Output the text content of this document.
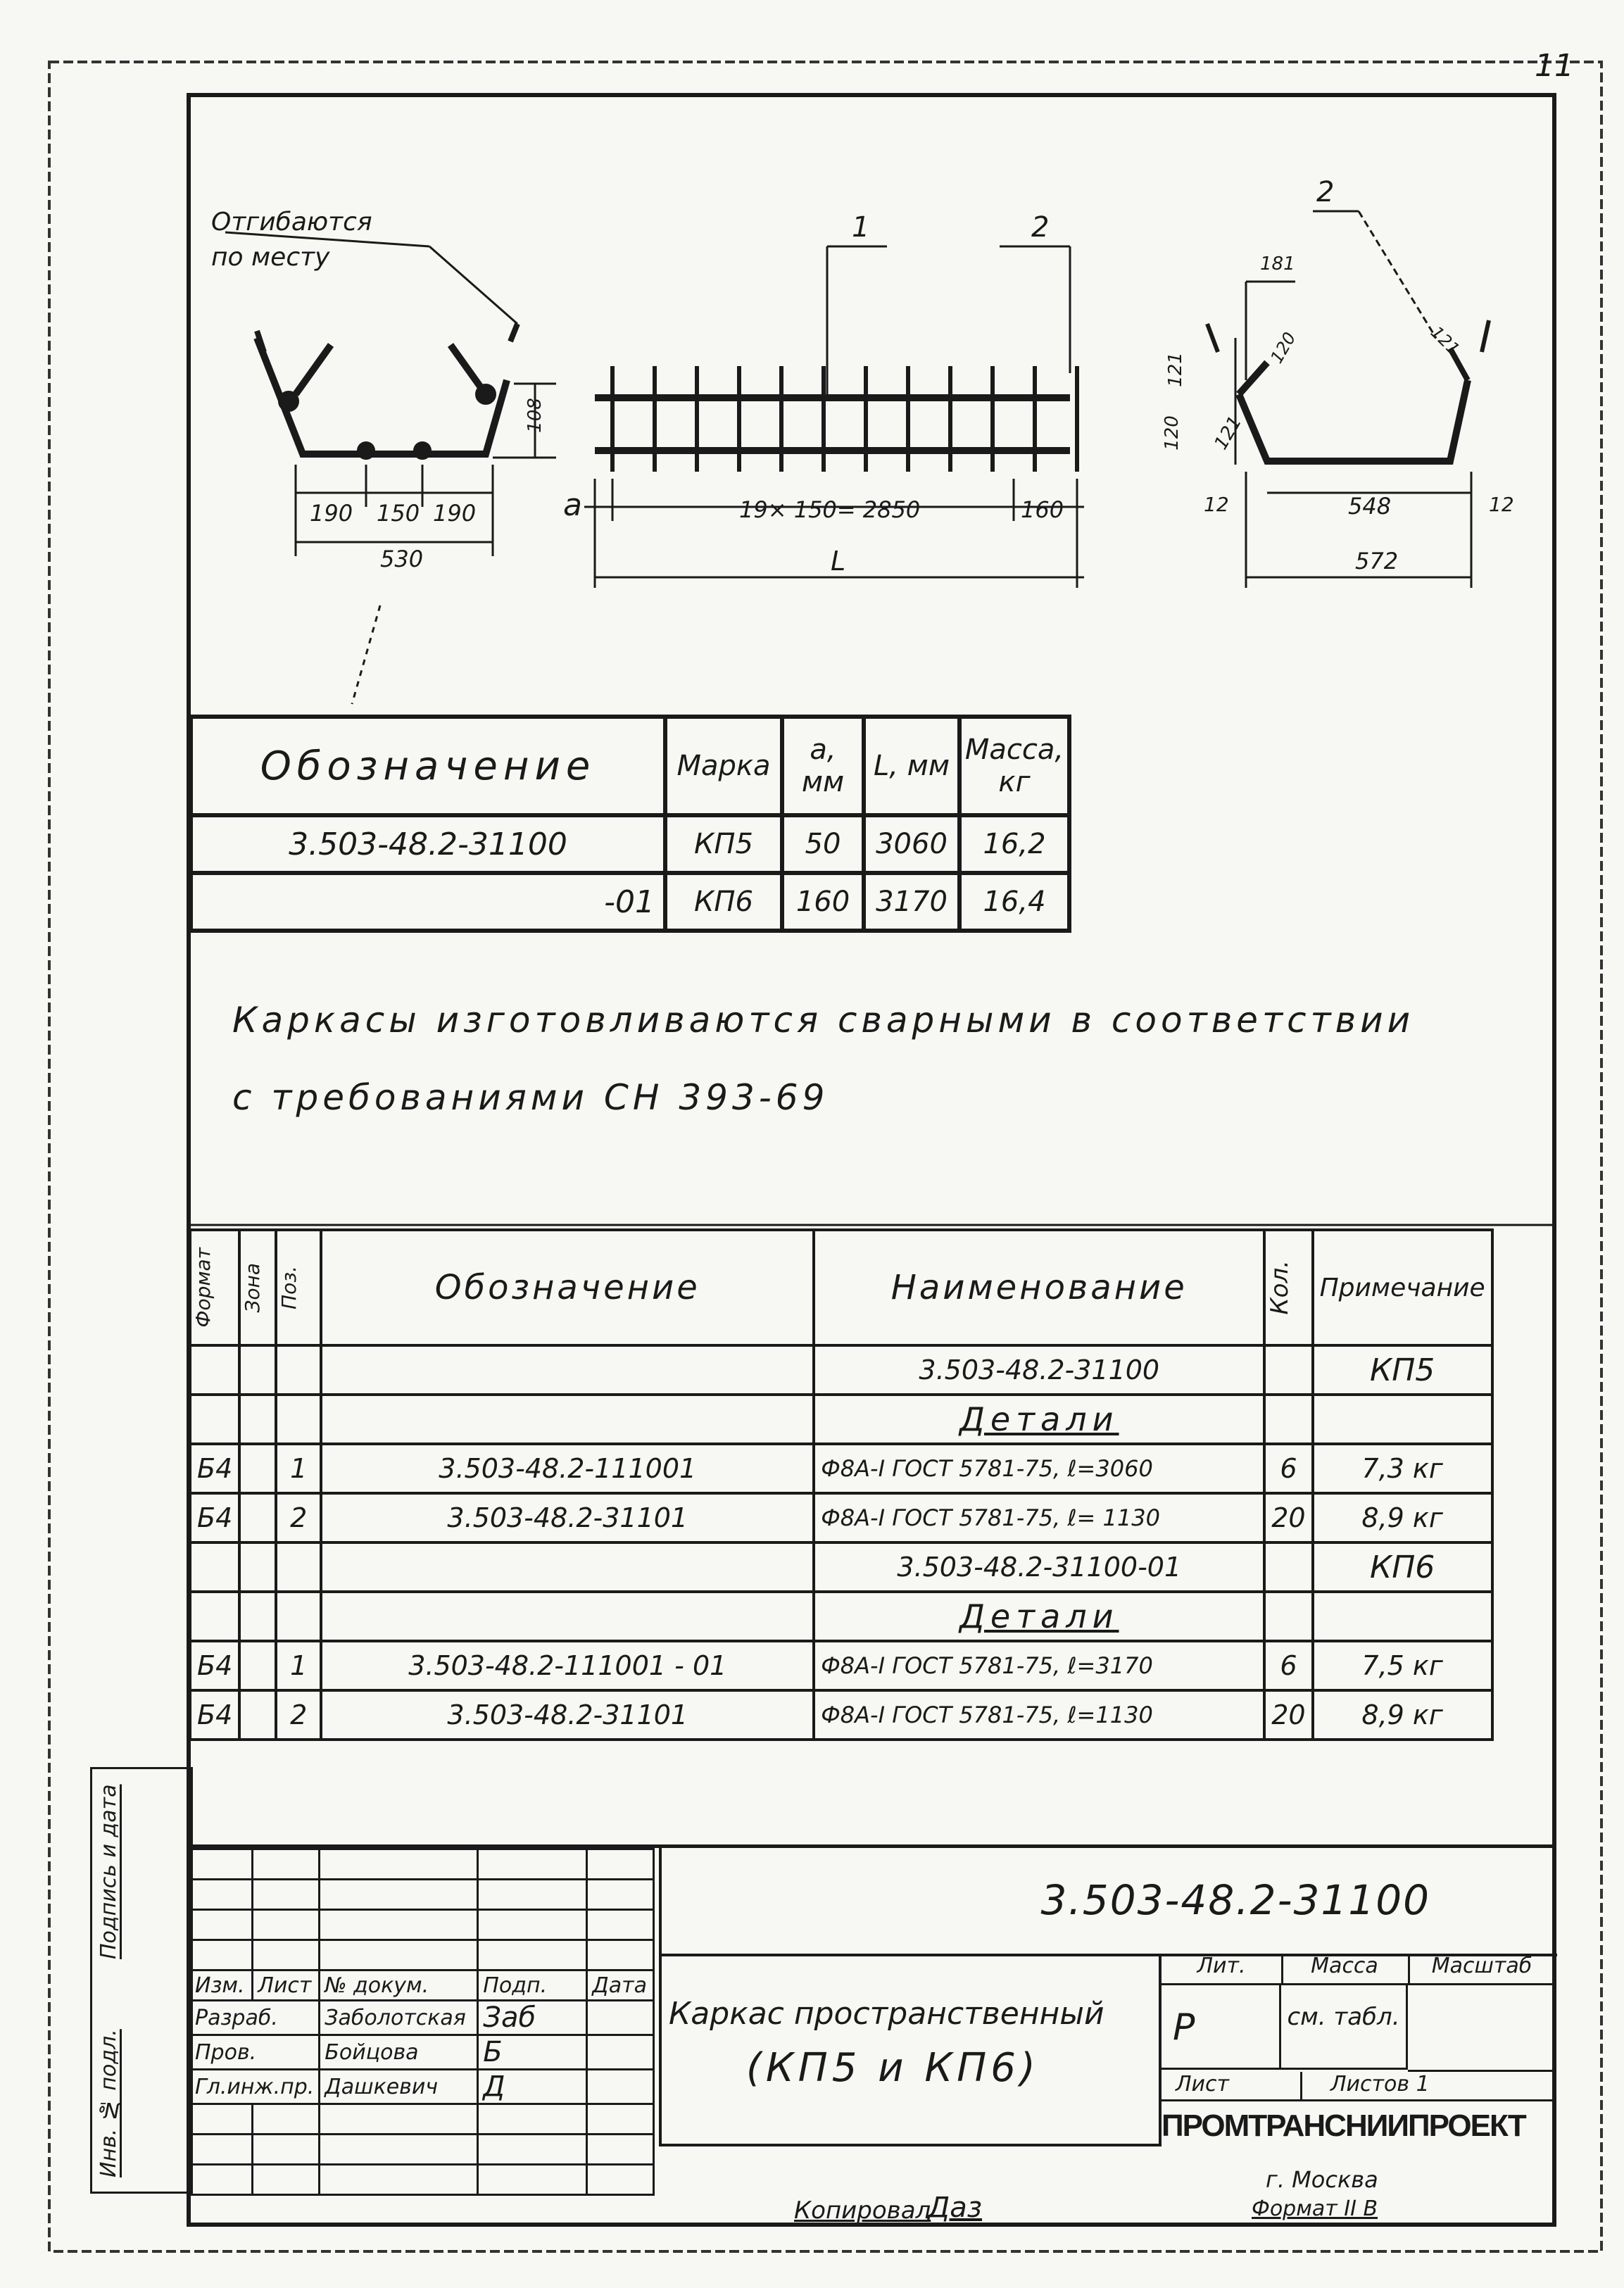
11
Отгибаются
по месту
190 150 190
530
108
a	19× 150= 2850	160
L
1	2
2
181
120
121
121
120
121
12	548	12
572
Обозначение	Марка	a, мм	L, мм	Масса, кг
3.503-48.2-31100	КП5	50	3060	16,2
-01	КП6	160	3170	16,4
Каркасы изготовливаются сварными в соответствии
с требованиями СН 393-69
Формат	Зона	Поз.	Обозначение	Наименование	Кол.	Примечание
				3.503-48.2-31100		КП5
				Детали		
Б4		1	3.503-48.2-111001	Ф8А-I ГОСТ 5781-75, ℓ=3060	6	7,3 кг
Б4		2	3.503-48.2-31101	Ф8А-I ГОСТ 5781-75, ℓ= 1130	20	8,9 кг
				3.503-48.2-31100-01		КП6
				Детали		
Б4		1	3.503-48.2-111001 - 01	Ф8А-I ГОСТ 5781-75, ℓ=3170	6	7,5 кг
Б4		2	3.503-48.2-31101	Ф8А-I ГОСТ 5781-75, ℓ=1130	20	8,9 кг
Инв. № подл.
Подпись и дата

Изм.	Лист	№ докум.	Подп.	Дата
Разраб.		Заболотская	Заб	
Пров.		Бойцова	Б	
Гл.инж.пр.		Дашкевич	Д	

3.503-48.2-31100
Каркас пространственный
(КП5 и КП6)
Лит.	Масса	Масштаб
Р	см. табл.
Лист	Листов 1
ПРОМТРАНСНИИПРОЕКТ
г. Москва
Формат II В
Копировал
Даз
